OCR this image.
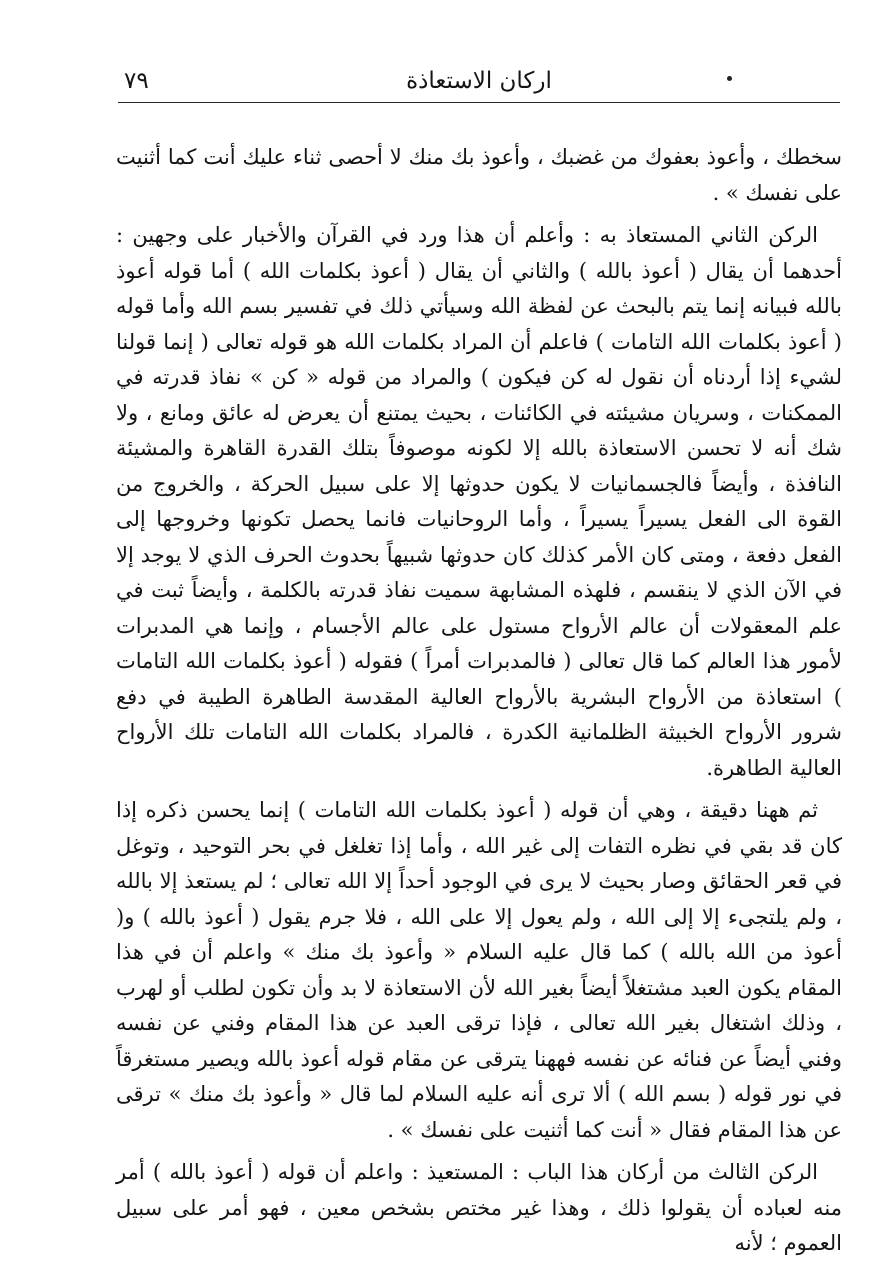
٧٩	اركان الاستعاذة

سخطك ، وأعوذ بعفوك من غضبك ، وأعوذ بك منك لا أحصى ثناء عليك أنت كما أثنيت على نفسك » .

الركن الثاني المستعاذ به : وأعلم أن هذا ورد في القرآن والأخبار على وجهين : أحدهما أن يقال ( أعوذ بالله ) والثاني أن يقال ( أعوذ بكلمات الله ) أما قوله أعوذ بالله فبيانه إنما يتم بالبحث عن لفظة الله وسيأتي ذلك في تفسير بسم الله وأما قوله ( أعوذ بكلمات الله التامات ) فاعلم أن المراد بكلمات الله هو قوله تعالى ( إنما قولنا لشيء إذا أردناه أن نقول له كن فيكون ) والمراد من قوله « كن » نفاذ قدرته في الممكنات ، وسريان مشيئته في الكائنات ، بحيث يمتنع أن يعرض له عائق ومانع ، ولا شك أنه لا تحسن الاستعاذة بالله إلا لكونه موصوفاً بتلك القدرة القاهرة والمشيئة النافذة ، وأيضاً فالجسمانيات لا يكون حدوثها إلا على سبيل الحركة ، والخروج من القوة الى الفعل يسيراً يسيراً ، وأما الروحانيات فانما يحصل تكونها وخروجها إلى الفعل دفعة ، ومتى كان الأمر كذلك كان حدوثها شبيهاً بحدوث الحرف الذي لا يوجد إلا في الآن الذي لا ينقسم ، فلهذه المشابهة سميت نفاذ قدرته بالكلمة ، وأيضاً ثبت في علم المعقولات أن عالم الأرواح مستول على عالم الأجسام ، وإنما هي المدبرات لأمور هذا العالم كما قال تعالى ( فالمدبرات أمراً ) فقوله ( أعوذ بكلمات الله التامات ) استعاذة من الأرواح البشرية بالأرواح العالية المقدسة الطاهرة الطيبة في دفع شرور الأرواح الخبيثة الظلمانية الكدرة ، فالمراد بكلمات الله التامات تلك الأرواح العالية الطاهرة.

ثم ههنا دقيقة ، وهي أن قوله ( أعوذ بكلمات الله التامات ) إنما يحسن ذكره إذا كان قد بقي في نظره التفات إلى غير الله ، وأما إذا تغلغل في بحر التوحيد ، وتوغل في قعر الحقائق وصار بحيث لا يرى في الوجود أحداً إلا الله تعالى ؛ لم يستعذ إلا بالله ، ولم يلتجىء إلا إلى الله ، ولم يعول إلا على الله ، فلا جرم يقول ( أعوذ بالله ) و( أعوذ من الله بالله ) كما قال عليه السلام « وأعوذ بك منك » واعلم أن في هذا المقام يكون العبد مشتغلاً أيضاً بغير الله لأن الاستعاذة لا بد وأن تكون لطلب أو لهرب ، وذلك اشتغال بغير الله تعالى ، فإذا ترقى العبد عن هذا المقام وفني عن نفسه وفني أيضاً عن فنائه عن نفسه فههنا يترقى عن مقام قوله أعوذ بالله ويصير مستغرقاً في نور قوله ( بسم الله ) ألا ترى أنه عليه السلام لما قال « وأعوذ بك منك » ترقى عن هذا المقام فقال « أنت كما أثنيت على نفسك » .

الركن الثالث من أركان هذا الباب : المستعيذ : واعلم أن قوله ( أعوذ بالله ) أمر منه لعباده أن يقولوا ذلك ، وهذا غير مختص بشخص معين ، فهو أمر على سبيل العموم ؛ لأنه
